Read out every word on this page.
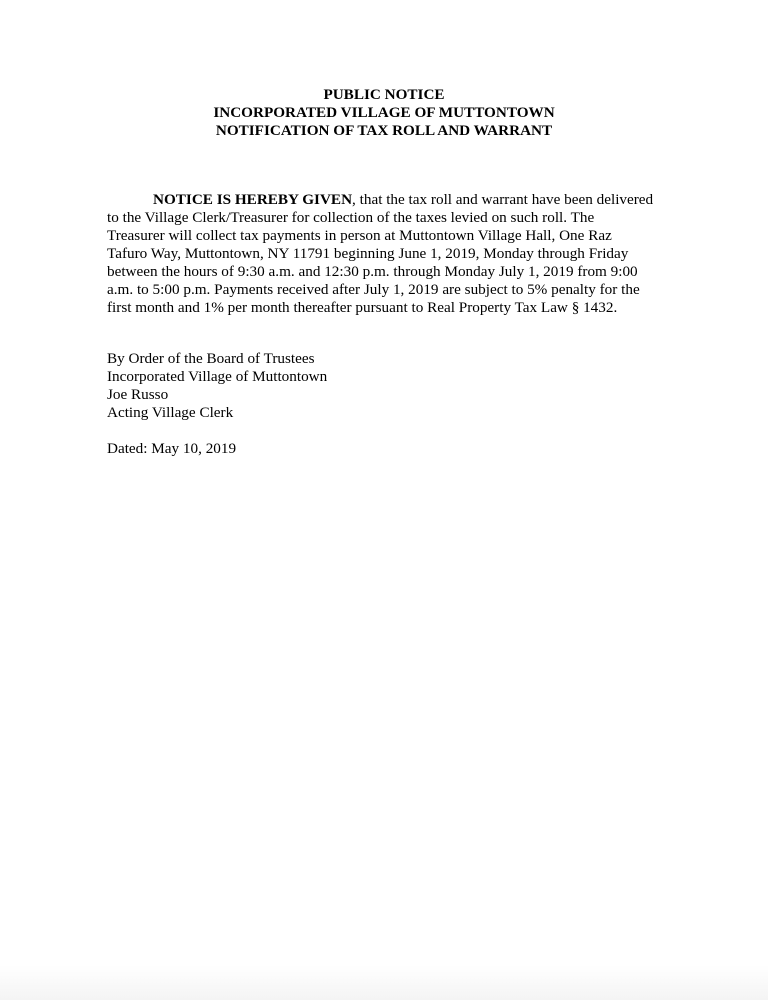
PUBLIC NOTICE
INCORPORATED VILLAGE OF MUTTONTOWN
NOTIFICATION OF TAX ROLL AND WARRANT
NOTICE IS HEREBY GIVEN, that the tax roll and warrant have been delivered
to the Village Clerk/Treasurer for collection of the taxes levied on such roll. The
Treasurer will collect tax payments in person at Muttontown Village Hall, One Raz
Tafuro Way, Muttontown, NY 11791 beginning June 1, 2019, Monday through Friday
between the hours of 9:30 a.m. and 12:30 p.m. through Monday July 1, 2019 from 9:00
a.m. to 5:00 p.m. Payments received after July 1, 2019 are subject to 5% penalty for the
first month and 1% per month thereafter pursuant to Real Property Tax Law § 1432.
By Order of the Board of Trustees
Incorporated Village of Muttontown
Joe Russo
Acting Village Clerk
Dated: May 10, 2019
